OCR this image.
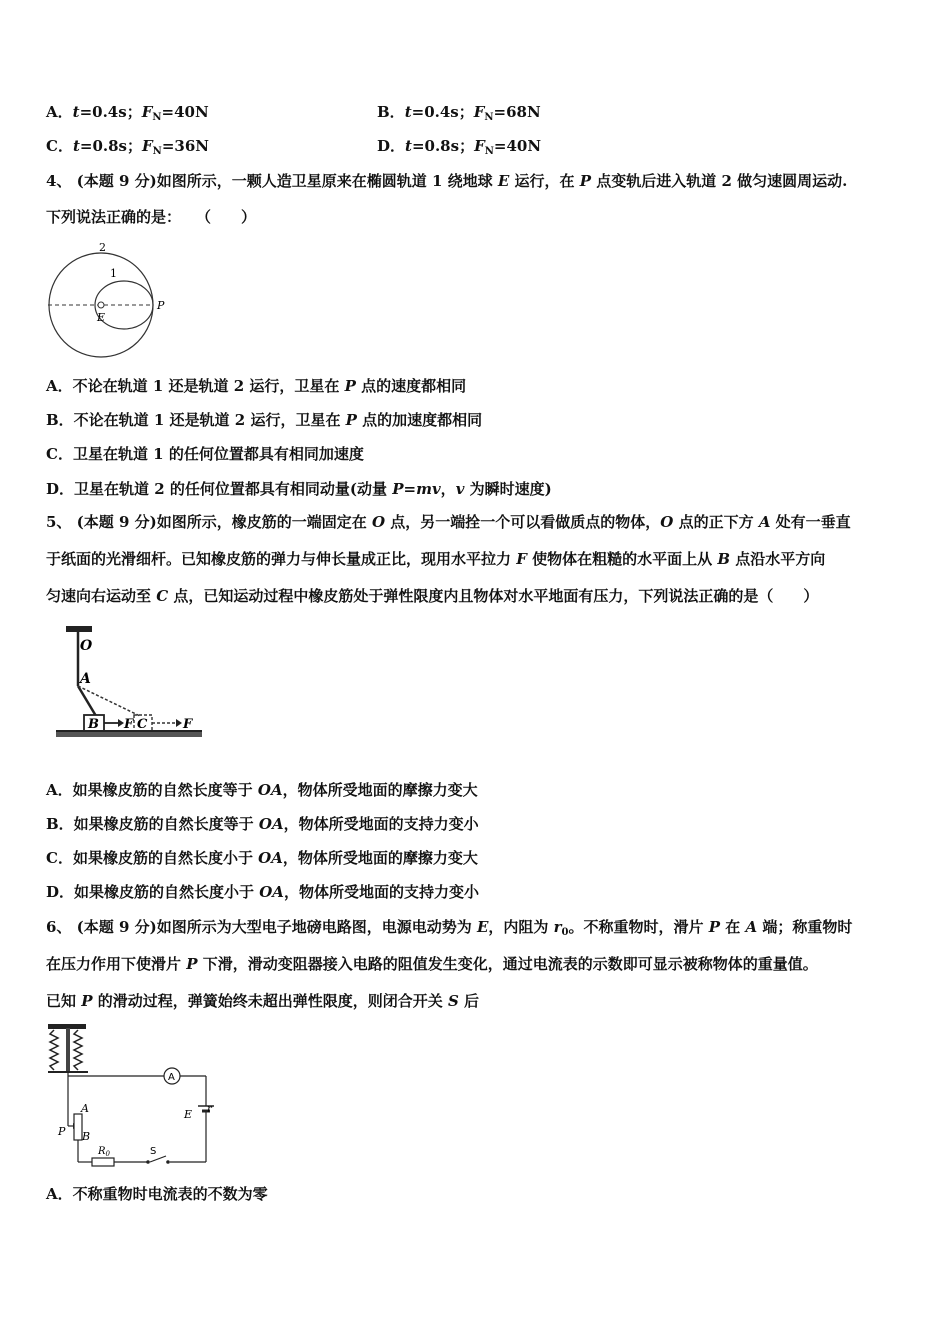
A．t=0.4s；$F_N=40N$	B．t=0.4s；$F_N=68N$
C．t=0.8s；$F_N=36N$	D．t=0.8s；$F_N=40N$
4、 (本题 9 分)如图所示，一颗人造卫星原来在椭圆轨道 1 绕地球 E 运行，在 P 点变轨后进入轨道 2 做匀速圆周运动.
下列说法正确的是：　　（　　）
2
1
E
P
A．不论在轨道 1 还是轨道 2 运行，卫星在 P 点的速度都相同
B．不论在轨道 1 还是轨道 2 运行，卫星在 P 点的加速度都相同
C．卫星在轨道 1 的任何位置都具有相同加速度
D．卫星在轨道 2 的任何位置都具有相同动量(动量 P=mv，v 为瞬时速度)
5、 (本题 9 分)如图所示，橡皮筋的一端固定在 O 点，另一端拴一个可以看做质点的物体，O 点的正下方 A 处有一垂直
于纸面的光滑细杆。已知橡皮筋的弹力与伸长量成正比，现用水平拉力 F 使物体在粗糙的水平面上从 B 点沿水平方向
匀速向右运动至 C 点，已知运动过程中橡皮筋处于弹性限度内且物体对水平地面有压力，下列说法正确的是（　　）
O
A
B F C	F
A．如果橡皮筋的自然长度等于 OA，物体所受地面的摩擦力变大
B．如果橡皮筋的自然长度等于 OA，物体所受地面的支持力变小
C．如果橡皮筋的自然长度小于 OA，物体所受地面的摩擦力变大
D．如果橡皮筋的自然长度小于 OA，物体所受地面的支持力变小
6、 (本题 9 分)如图所示为大型电子地磅电路图，电源电动势为 E，内阻为 $r_0$。不称重物时，滑片 P 在 A 端；称重物时
在压力作用下使滑片 P 下滑，滑动变阻器接入电路的阻值发生变化，通过电流表的示数即可显示被称物体的重量值。
已知 P 的滑动过程，弹簧始终未超出弹性限度，则闭合开关 S 后
A
E r
A
P B
$R_0$	S
A．不称重物时电流表的不数为零
